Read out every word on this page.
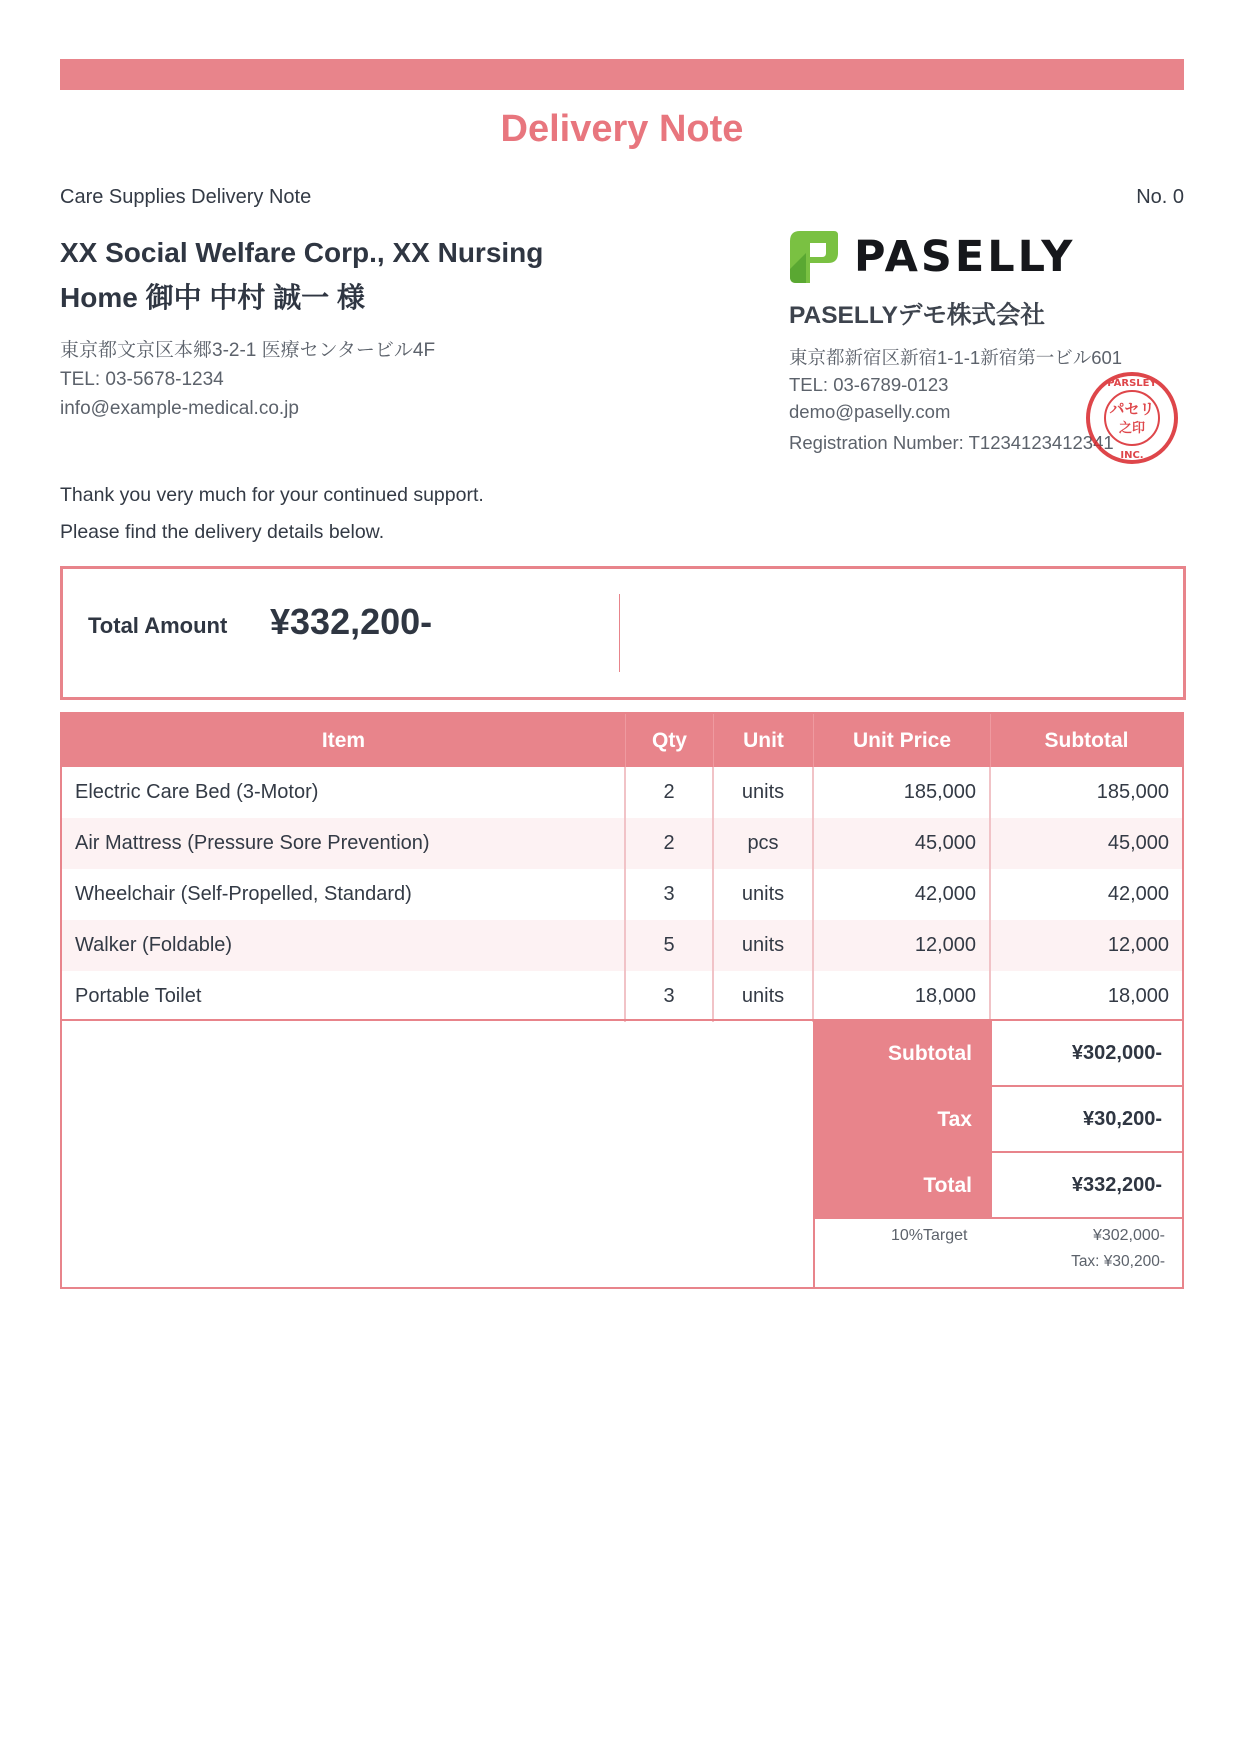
Delivery Note
Care Supplies Delivery Note	No. 0
XX Social Welfare Corp., XX Nursing Home 御中 中村 誠一 様
東京都文京区本郷3-2-1 医療センタービル4F
TEL: 03-5678-1234
info@example-medical.co.jp
Thank you very much for your continued support.
Please find the delivery details below.
PASELLY
PASELLYデモ株式会社
東京都新宿区新宿1-1-1新宿第一ビル601
TEL: 03-6789-0123
demo@paselly.com
Registration Number: T1234123412341
パセリ
之印
PARSLEY
INC.
Total Amount ¥332,200-
Item	Qty	Unit	Unit Price	Subtotal
Electric Care Bed (3-Motor)	2	units	185,000	185,000
Air Mattress (Pressure Sore Prevention)	2	pcs	45,000	45,000
Wheelchair (Self-Propelled, Standard)	3	units	42,000	42,000
Walker (Foldable)	5	units	12,000	12,000
Portable Toilet	3	units	18,000	18,000
Subtotal	¥302,000-
Tax	¥30,200-
Total	¥332,200-
10%Target	¥302,000-
Tax: ¥30,200-
